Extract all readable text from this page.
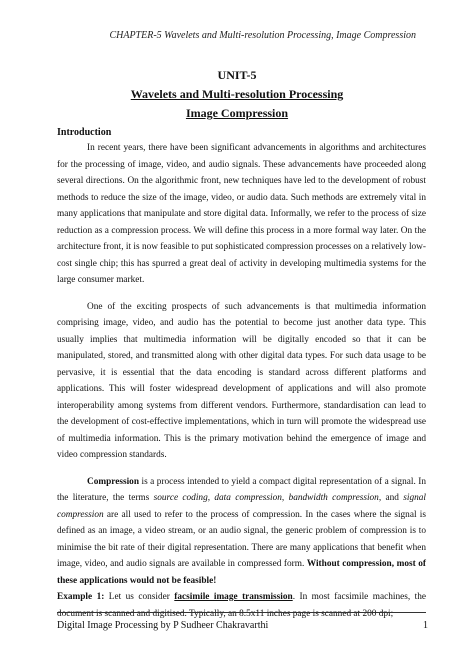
CHAPTER-5 Wavelets and Multi-resolution Processing, Image Compression

UNIT-5

Wavelets and Multi-resolution Processing

Image Compression

Introduction

In recent years, there have been significant advancements in algorithms and architectures for the processing of image, video, and audio signals. These advancements have proceeded along several directions. On the algorithmic front, new techniques have led to the development of robust methods to reduce the size of the image, video, or audio data. Such methods are extremely vital in many applications that manipulate and store digital data. Informally, we refer to the process of size reduction as a compression process. We will define this process in a more formal way later. On the architecture front, it is now feasible to put sophisticated compression processes on a relatively low-cost single chip; this has spurred a great deal of activity in developing multimedia systems for the large consumer market.

One of the exciting prospects of such advancements is that multimedia information comprising image, video, and audio has the potential to become just another data type. This usually implies that multimedia information will be digitally encoded so that it can be manipulated, stored, and transmitted along with other digital data types. For such data usage to be pervasive, it is essential that the data encoding is standard across different platforms and applications. This will foster widespread development of applications and will also promote interoperability among systems from different vendors. Furthermore, standardisation can lead to the development of cost-effective implementations, which in turn will promote the widespread use of multimedia information. This is the primary motivation behind the emergence of image and video compression standards.

Compression is a process intended to yield a compact digital representation of a signal. In the literature, the terms source coding, data compression, bandwidth compression, and signal compression are all used to refer to the process of compression. In the cases where the signal is defined as an image, a video stream, or an audio signal, the generic problem of compression is to minimise the bit rate of their digital representation. There are many applications that benefit when image, video, and audio signals are available in compressed form. Without compression, most of these applications would not be feasible!

Example 1: Let us consider facsimile image transmission. In most facsimile machines, the document is scanned and digitised. Typically, an 8.5x11 inches page is scanned at 200 dpi;

Digital Image Processing by P Sudheer Chakravarthi	1
